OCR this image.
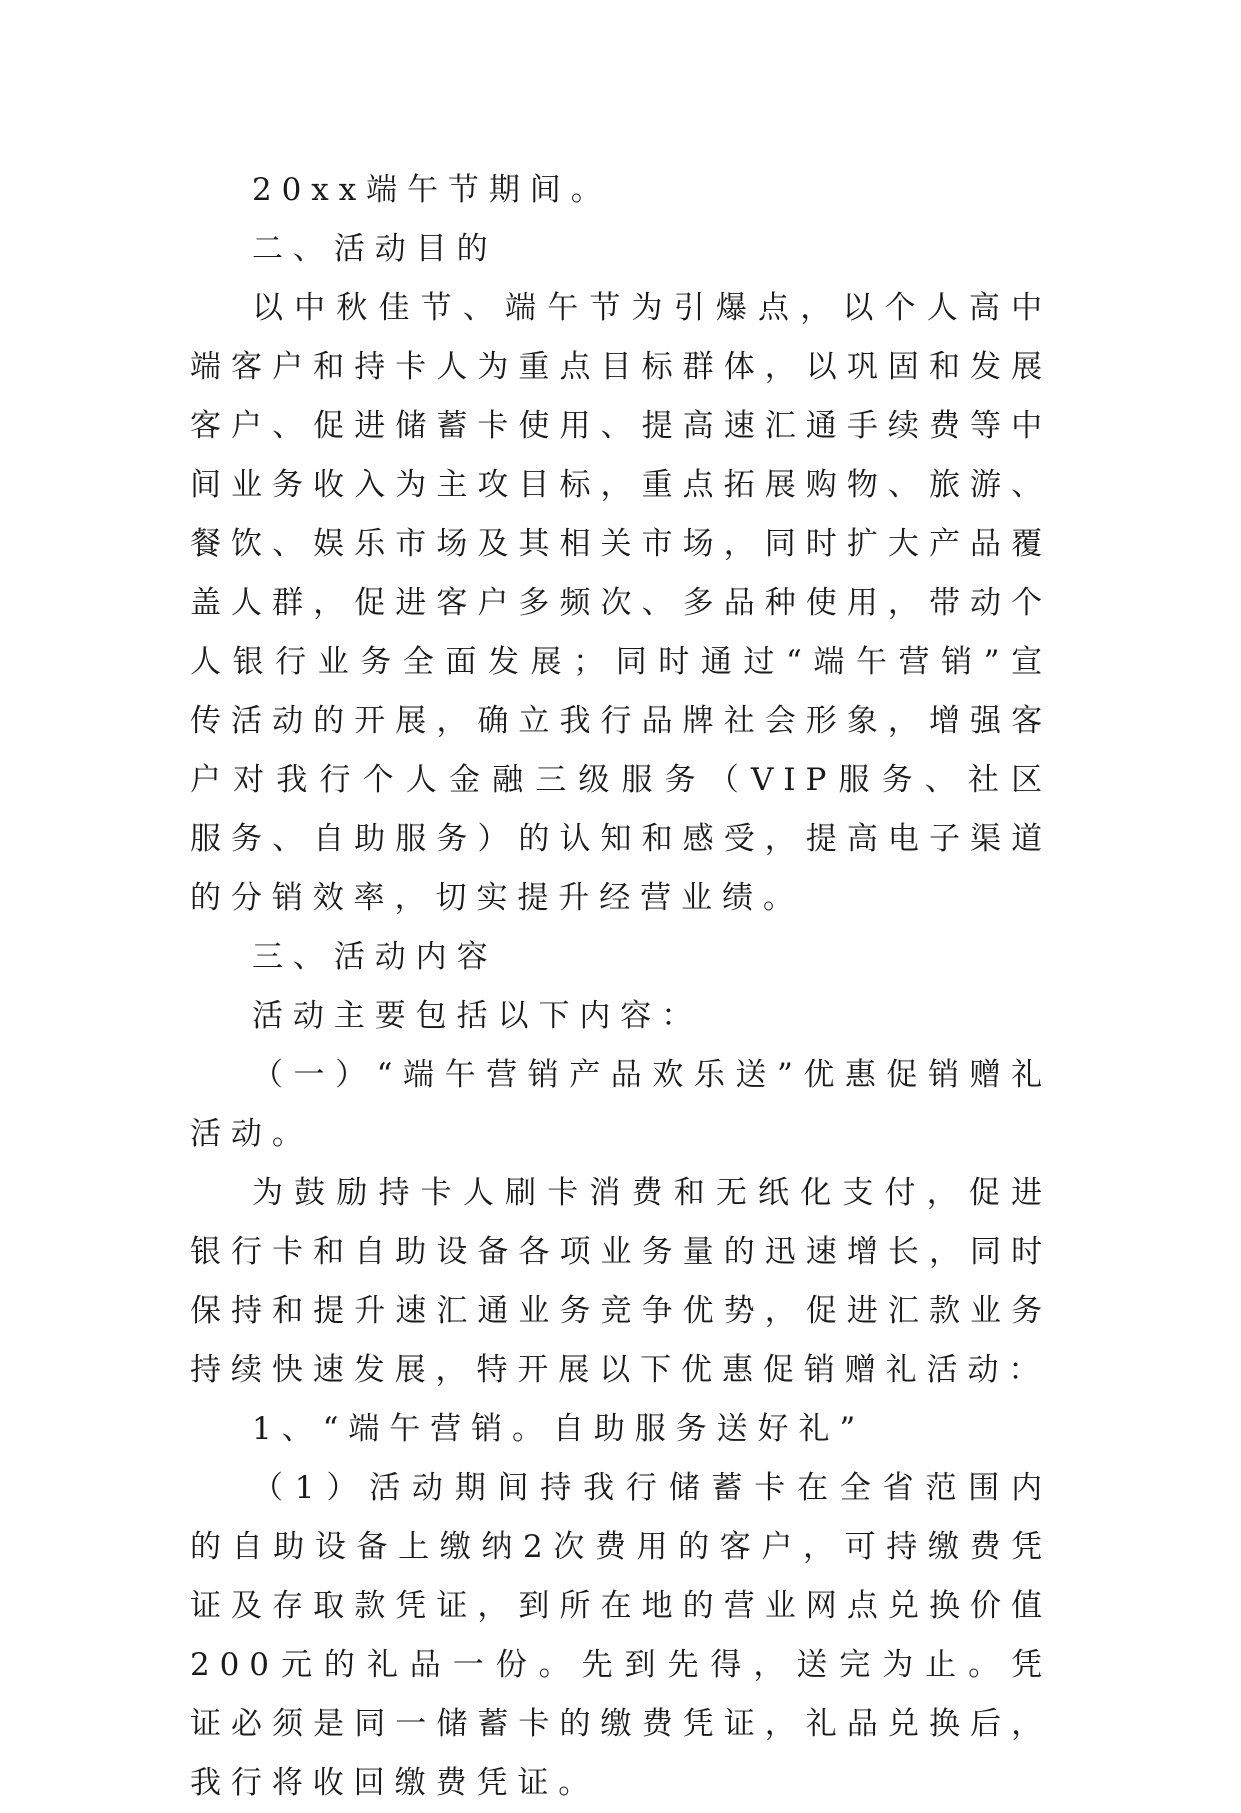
20xx端午节期间。

二、活动目的

以中秋佳节、端午节为引爆点，以个人高中端客户和持卡人为重点目标群体，以巩固和发展客户、促进储蓄卡使用、提高速汇通手续费等中间业务收入为主攻目标，重点拓展购物、旅游、餐饮、娱乐市场及其相关市场，同时扩大产品覆盖人群，促进客户多频次、多品种使用，带动个人银行业务全面发展；同时通过“端午营销”宣传活动的开展，确立我行品牌社会形象，增强客户对我行个人金融三级服务（VIP服务、社区服务、自助服务）的认知和感受，提高电子渠道的分销效率，切实提升经营业绩。

三、活动内容

活动主要包括以下内容：

（一）“端午营销产品欢乐送”优惠促销赠礼活动。

为鼓励持卡人刷卡消费和无纸化支付，促进银行卡和自助设备各项业务量的迅速增长，同时保持和提升速汇通业务竞争优势，促进汇款业务持续快速发展，特开展以下优惠促销赠礼活动：

1、“端午营销。自助服务送好礼”

（1）活动期间持我行储蓄卡在全省范围内的自助设备上缴纳2次费用的客户，可持缴费凭证及存取款凭证，到所在地的营业网点兑换价值200元的礼品一份。先到先得，送完为止。凭证必须是同一储蓄卡的缴费凭证，礼品兑换后，我行将收回缴费凭证。
